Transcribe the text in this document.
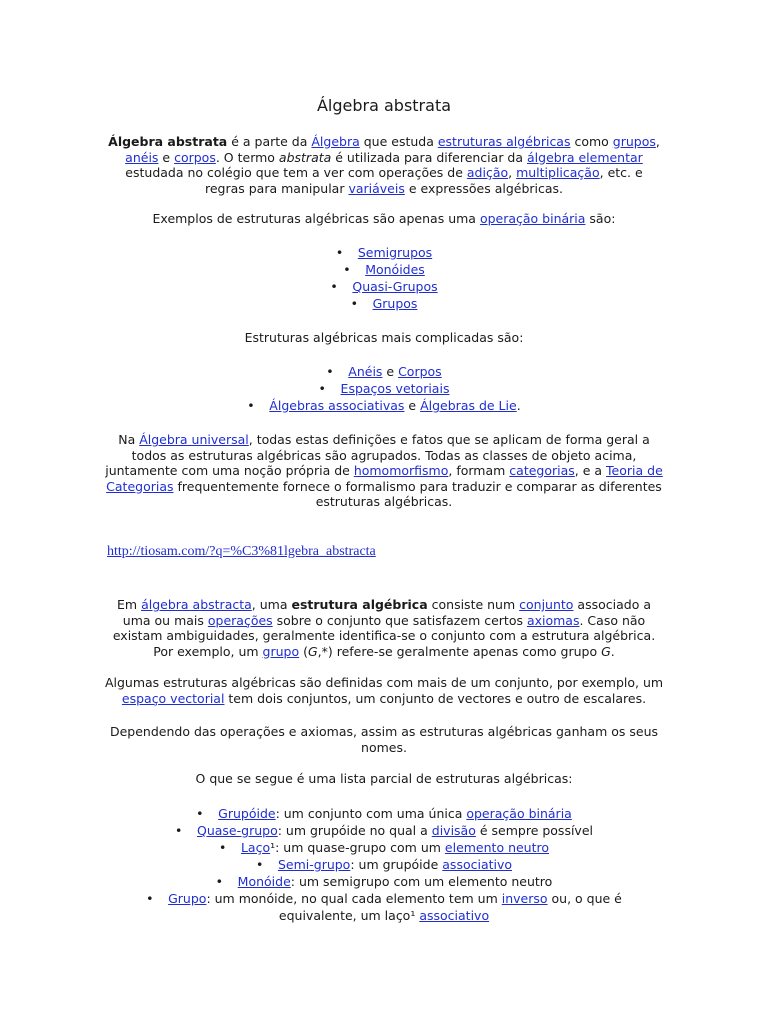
Álgebra abstrata
Álgebra abstrata é a parte da Álgebra que estuda estruturas algébricas como grupos, anéis e corpos. O termo abstrata é utilizada para diferenciar da álgebra elementar estudada no colégio que tem a ver com operações de adição, multiplicação, etc. e regras para manipular variáveis e expressões algébricas.
Exemplos de estruturas algébricas são apenas uma operação binária são:
• Semigrupos
• Monóides
• Quasi-Grupos
• Grupos
Estruturas algébricas mais complicadas são:
• Anéis e Corpos
• Espaços vetoriais
• Álgebras associativas e Álgebras de Lie.
Na Álgebra universal, todas estas definições e fatos que se aplicam de forma geral a todos as estruturas algébricas são agrupados. Todas as classes de objeto acima, juntamente com uma noção própria de homomorfismo, formam categorias, e a Teoria de Categorias frequentemente fornece o formalismo para traduzir e comparar as diferentes estruturas algébricas.
http://tiosam.com/?q=%C3%81lgebra_abstracta
Em álgebra abstracta, uma estrutura algébrica consiste num conjunto associado a uma ou mais operações sobre o conjunto que satisfazem certos axiomas. Caso não existam ambiguidades, geralmente identifica-se o conjunto com a estrutura algébrica. Por exemplo, um grupo (G,*) refere-se geralmente apenas como grupo G.
Algumas estruturas algébricas são definidas com mais de um conjunto, por exemplo, um espaço vectorial tem dois conjuntos, um conjunto de vectores e outro de escalares.
Dependendo das operações e axiomas, assim as estruturas algébricas ganham os seus nomes.
O que se segue é uma lista parcial de estruturas algébricas:
• Grupóide: um conjunto com uma única operação binária
• Quase-grupo: um grupóide no qual a divisão é sempre possível
• Laço¹: um quase-grupo com um elemento neutro
• Semi-grupo: um grupóide associativo
• Monóide: um semigrupo com um elemento neutro
• Grupo: um monóide, no qual cada elemento tem um inverso ou, o que é equivalente, um laço¹ associativo
